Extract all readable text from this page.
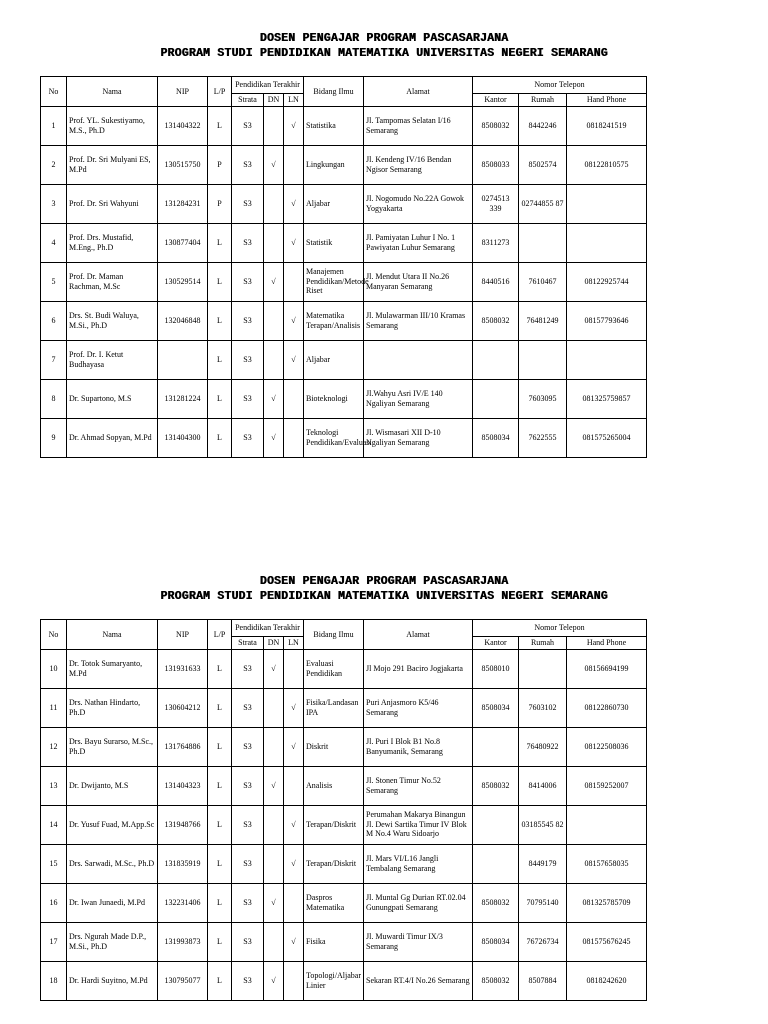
DOSEN PENGAJAR PROGRAM PASCASARJANA
PROGRAM STUDI PENDIDIKAN MATEMATIKA UNIVERSITAS NEGERI SEMARANG
No	Nama	NIP	L/P	Pendidikan Terakhir			Bidang Ilmu	Alamat	Nomor Telepon		
				Strata	DN	LN			Kantor	Rumah	Hand Phone
1	Prof. YL. Sukestiyarno, M.S., Ph.D	131404322	L	S3		√	Statistika	Jl. Tampomas Selatan I/16 Semarang	8508032	8442246	0818241519
2	Prof. Dr. Sri Mulyani ES, M.Pd	130515750	P	S3	√		Lingkungan	Jl. Kendeng IV/16 Bendan Ngisor Semarang	8508033	8502574	08122810575
3	Prof. Dr. Sri Wahyuni	131284231	P	S3		√	Aljabar	Jl. Nogomudo No.22A Gowok Yogyakarta	0274513 339	02744855 87	
4	Prof. Drs. Mustafid, M.Eng., Ph.D	130877404	L	S3		√	Statistik	Jl. Pamiyatan Luhur I No. 1 Pawiyatan Luhur Semarang	8311273		
5	Prof. Dr. Maman Rachman, M.Sc	130529514	L	S3	√		Manajemen Pendidikan/Metode Riset	Jl. Mendut Utara II No.26 Manyaran Semarang	8440516	7610467	08122925744
6	Drs. St. Budi Waluya, M.Si., Ph.D	132046848	L	S3		√	Matematika Terapan/Analisis	Jl. Mulawarman III/10 Kramas Semarang	8508032	76481249	08157793646
7	Prof. Dr. I. Ketut Budhayasa		L	S3		√	Aljabar				
8	Dr. Supartono, M.S	131281224	L	S3	√		Bioteknologi	Jl.Wahyu Asri IV/E 140 Ngaliyan Semarang		7603095	081325759857
9	Dr. Ahmad Sopyan, M.Pd	131404300	L	S3	√		Teknologi Pendidikan/Evaluasi	Jl. Wismasari XII D-10 Ngaliyan Semarang	8508034	7622555	081575265004
DOSEN PENGAJAR PROGRAM PASCASARJANA
PROGRAM STUDI PENDIDIKAN MATEMATIKA UNIVERSITAS NEGERI SEMARANG
No	Nama	NIP	L/P	Pendidikan Terakhir			Bidang Ilmu	Alamat	Nomor Telepon		
				Strata	DN	LN			Kantor	Rumah	Hand Phone
10	Dr. Totok Sumaryanto, M.Pd	131931633	L	S3	√		Evaluasi Pendidikan	Jl Mojo 291 Baciro Jogjakarta	8508010		08156694199
11	Drs. Nathan Hindarto, Ph.D	130604212	L	S3		√	Fisika/Landasan IPA	Puri Anjasmoro K5/46 Semarang	8508034	7603102	08122860730
12	Drs. Bayu Surarso, M.Sc., Ph.D	131764886	L	S3		√	Diskrit	Jl. Puri I Blok B1 No.8 Banyumanik, Semarang		76480922	08122508036
13	Dr. Dwijanto, M.S	131404323	L	S3	√		Analisis	Jl. Stonen Timur No.52 Semarang	8508032	8414006	08159252007
14	Dr. Yusuf Fuad, M.App.Sc	131948766	L	S3		√	Terapan/Diskrit	Perumahan Makarya Binangun Jl. Dewi Sartika Timur IV Blok M No.4 Waru Sidoarjo		03185545 82	
15	Drs. Sarwadi, M.Sc., Ph.D	131835919	L	S3		√	Terapan/Diskrit	Jl. Mars VI/L16 Jangli Tembalang Semarang		8449179	08157658035
16	Dr. Iwan Junaedi, M.Pd	132231406	L	S3	√		Daspros Matematika	Jl. Muntal Gg Durian RT.02.04 Gunungpati Semarang	8508032	70795140	081325785709
17	Drs. Ngurah Made D.P., M.Si., Ph.D	131993873	L	S3		√	Fisika	Jl. Muwardi Timur IX/3 Semarang	8508034	76726734	081575676245
18	Dr. Hardi Suyitno, M.Pd	130795077	L	S3	√		Topologi/Aljabar Linier	Sekaran RT.4/I No.26 Semarang	8508032	8507884	0818242620
